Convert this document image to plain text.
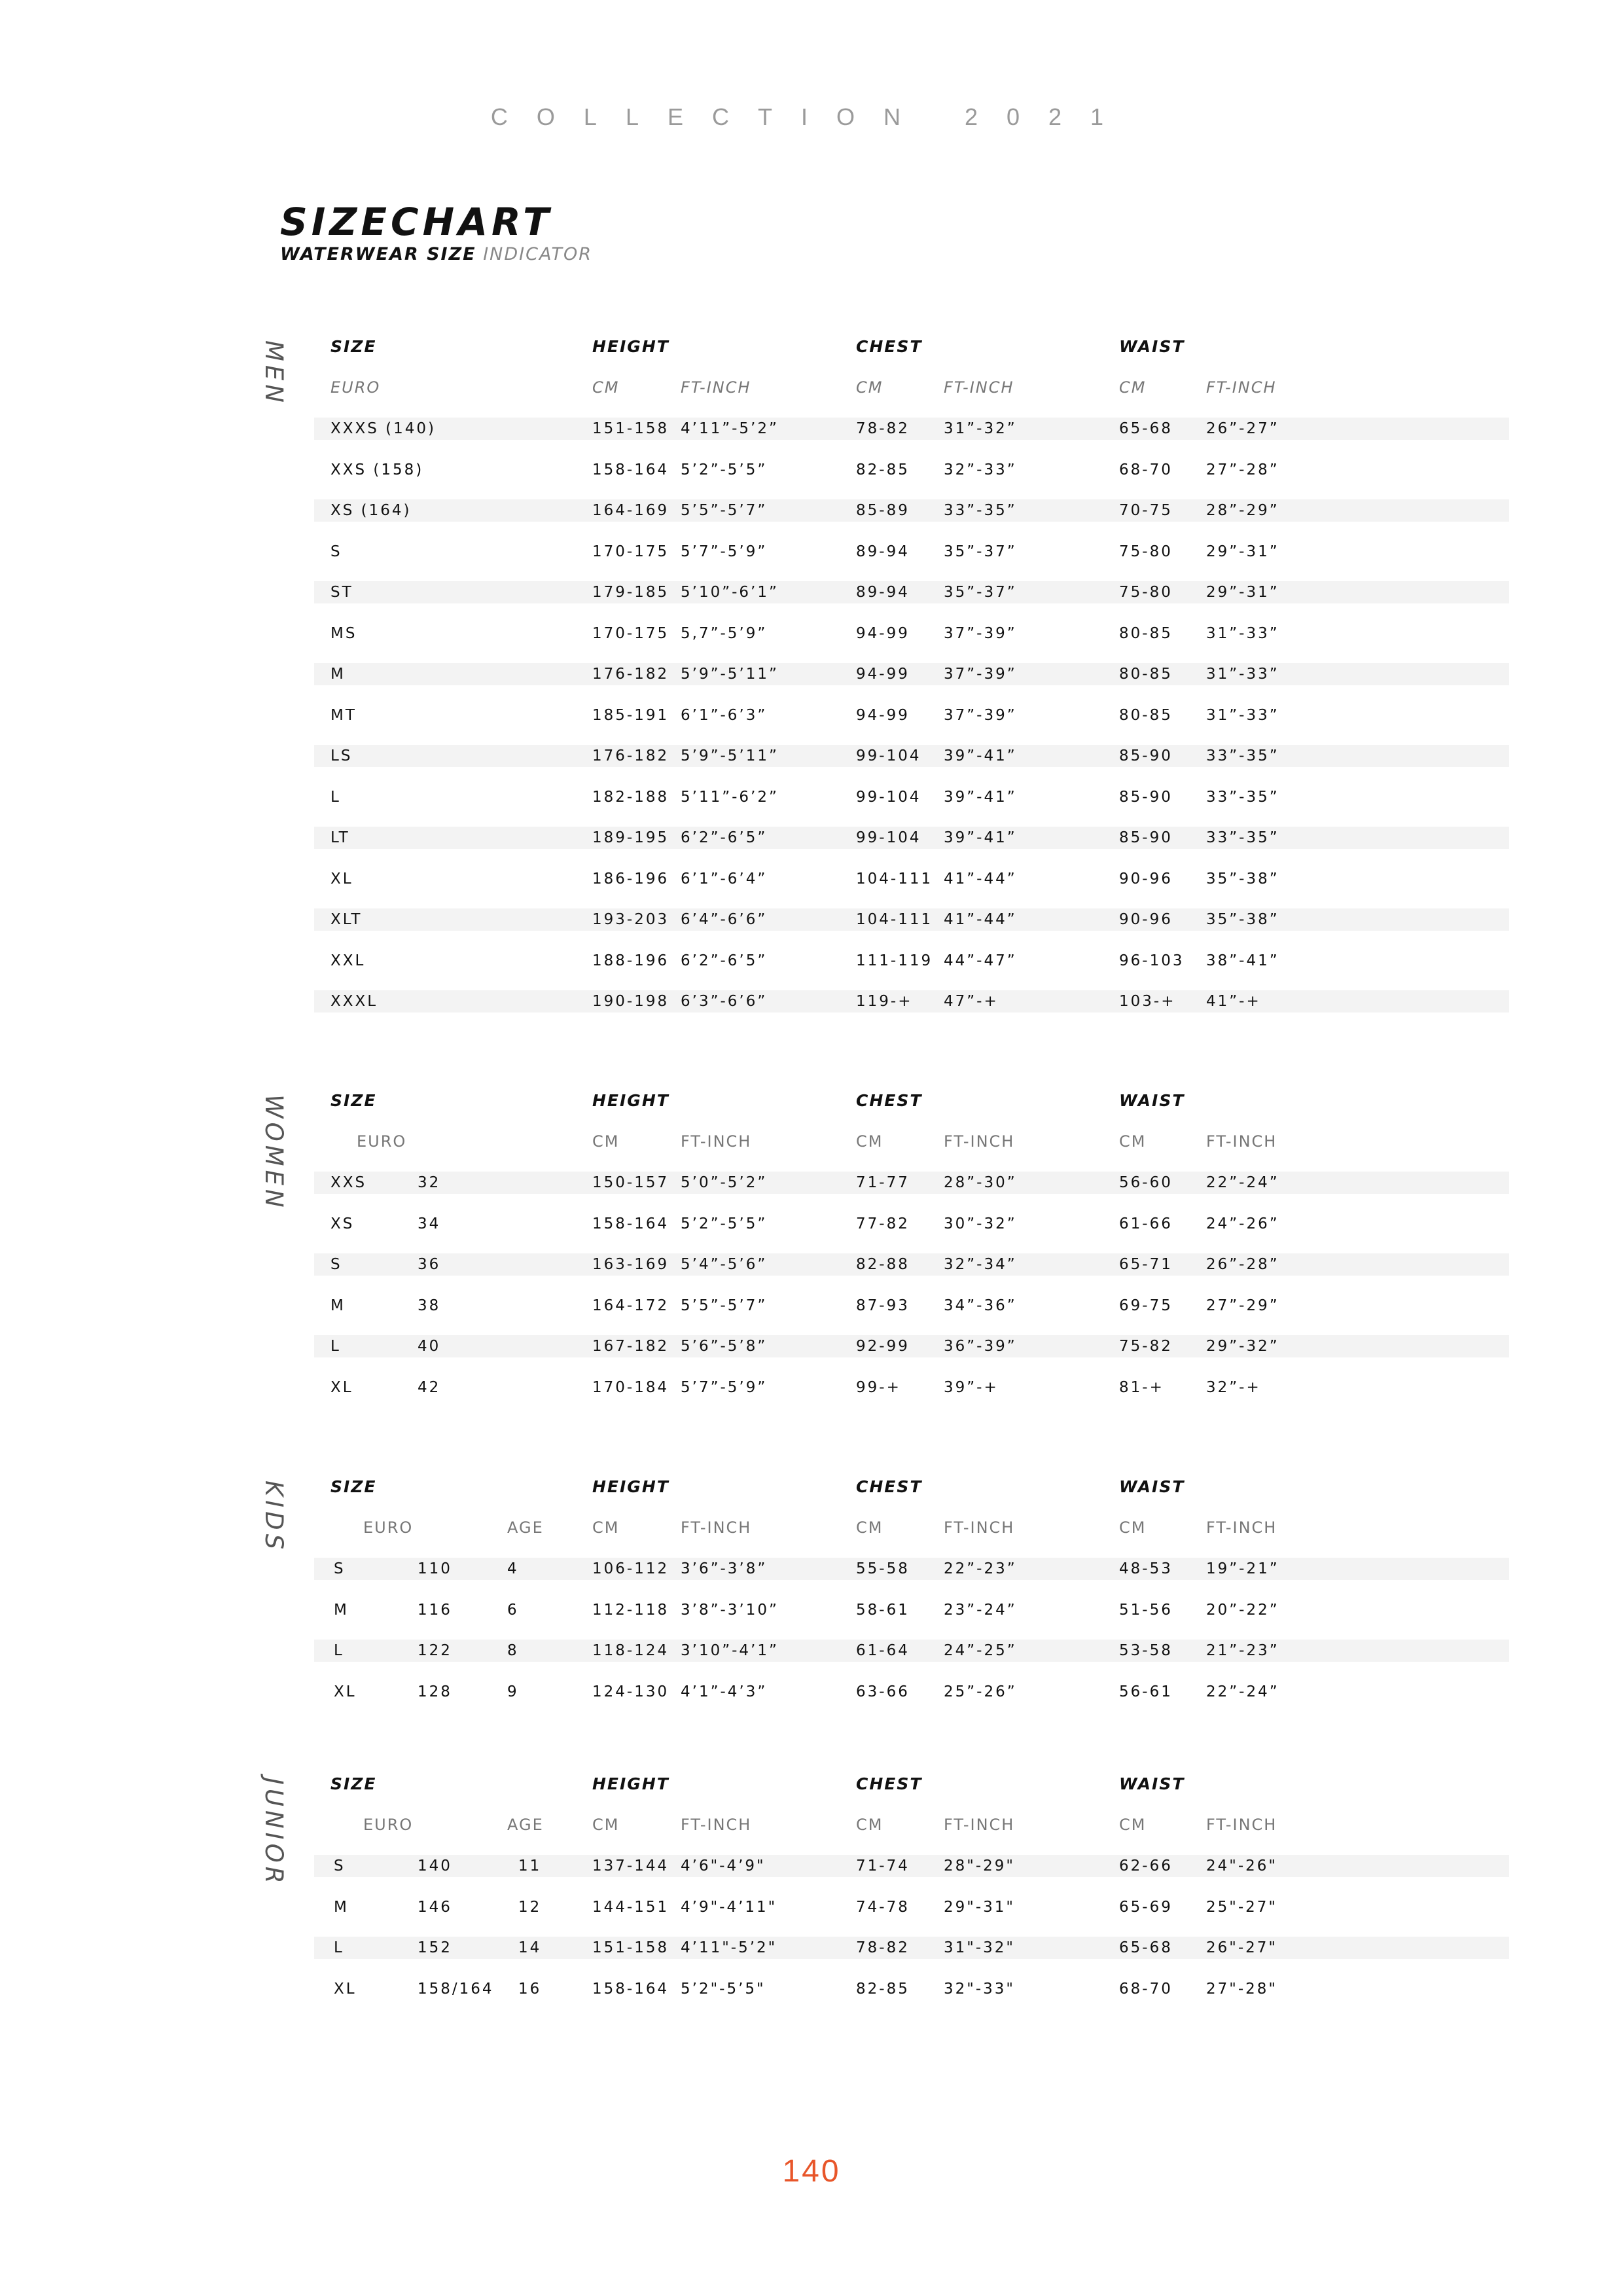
COLLECTION 2021
SIZECHART
WATERWEAR SIZE INDICATOR
MEN	SIZE	HEIGHT	CHEST	WAIST
EURO	CM	FT-INCH	CM	FT-INCH	CM	FT-INCH
XXXS (140)	151-158 4’11”-5’2”	78-82 31”-32”	65-68 26”-27”
XXS (158)	158-164 5’2”-5’5”	82-85 32”-33”	68-70 27”-28”
XS (164)	164-169 5’5”-5’7”	85-89 33”-35”	70-75 28”-29”
S	170-175 5’7”-5’9”	89-94 35”-37”	75-80 29”-31”
ST	179-185 5’10”-6’1”	89-94 35”-37”	75-80 29”-31”
MS	170-175 5,7”-5’9”	94-99 37”-39”	80-85 31”-33”
M	176-182 5’9”-5’11”	94-99 37”-39”	80-85 31”-33”
MT	185-191 6’1”-6’3”	94-99 37”-39”	80-85 31”-33”
LS	176-182 5’9”-5’11”	99-104 39”-41”	85-90 33”-35”
L	182-188 5’11”-6’2”	99-104 39”-41”	85-90 33”-35”
LT	189-195 6’2”-6’5”	99-104 39”-41”	85-90 33”-35”
XL	186-196 6’1”-6’4”	104-111 41”-44”	90-96 35”-38”
XLT	193-203 6’4”-6’6”	104-111 41”-44”	90-96 35”-38”
XXL	188-196 6’2”-6’5”	111-119 44”-47”	96-103 38”-41”
XXXL	190-198 6’3”-6’6”	119-+ 47”-+	103-+ 41”-+
WOMEN	SIZE	HEIGHT	CHEST	WAIST
EURO	CM	FT-INCH	CM	FT-INCH	CM	FT-INCH
XXS	32	150-157 5’0”-5’2”	71-77 28”-30”	56-60 22”-24”
XS	34	158-164 5’2”-5’5”	77-82 30”-32”	61-66 24”-26”
S	36	163-169 5’4”-5’6”	82-88 32”-34”	65-71 26”-28”
M	38	164-172 5’5”-5’7”	87-93 34”-36”	69-75 27”-29”
L	40	167-182 5’6”-5’8”	92-99 36”-39”	75-82 29”-32”
XL	42	170-184 5’7”-5’9”	99-+	39”-+	81-+	32”-+
KIDS	SIZE	HEIGHT	CHEST	WAIST
EURO	AGE	CM	FT-INCH	CM	FT-INCH	CM	FT-INCH
S	110	4	106-112 3’6”-3’8”	55-58 22”-23”	48-53 19”-21”
M	116	6	112-118 3’8”-3’10”	58-61 23”-24”	51-56 20”-22”
L	122	8	118-124 3’10”-4’1”	61-64 24”-25”	53-58 21”-23”
XL	128	9	124-130 4’1”-4’3”	63-66 25”-26”	56-61 22”-24”
JUNIOR	SIZE	HEIGHT	CHEST	WAIST
EURO	AGE	CM	FT-INCH	CM	FT-INCH	CM	FT-INCH
S	140	11	137-144 4’6"-4’9"	71-74 28"-29"	62-66 24"-26"
M	146	12	144-151 4’9"-4’11"	74-78 29"-31"	65-69 25"-27"
L	152	14	151-158 4’11"-5’2"	78-82 31"-32"	65-68 26"-27"
XL	158/164 16	158-164 5’2"-5’5"	82-85 32"-33"	68-70 27"-28"
140
